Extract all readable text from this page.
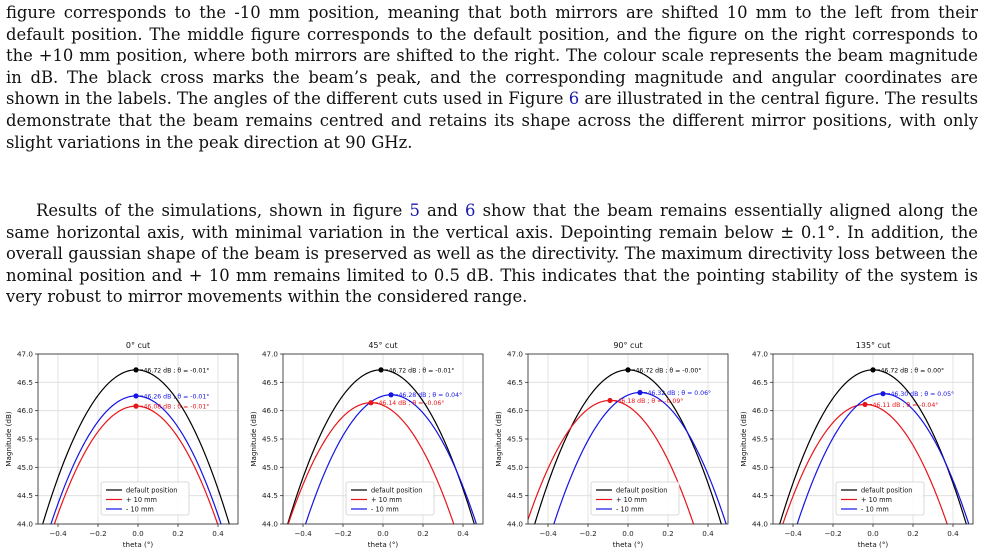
figure corresponds to the -10 mm position, meaning that both mirrors are shifted 10 mm to the left from their default position. The middle figure corresponds to the default position, and the figure on the right corresponds to the +10 mm position, where both mirrors are shifted to the right. The colour scale represents the beam magnitude in dB. The black cross marks the beam’s peak, and the corresponding magnitude and angular coordinates are shown in the labels. The angles of the different cuts used in Figure 6 are illustrated in the central figure. The results demonstrate that the beam remains centred and retains its shape across the different mirror positions, with only slight variations in the peak direction at 90 GHz.

Results of the simulations, shown in figure 5 and 6 show that the beam remains essentially aligned along the same horizontal axis, with minimal variation in the vertical axis. Depointing remain below ± 0.1°. In addition, the overall gaussian shape of the beam is preserved as well as the directivity. The maximum directivity loss between the nominal position and + 10 mm remains limited to 0.5 dB. This indicates that the pointing stability of the system is very robust to mirror movements within the considered range.

−0.4	−0.2	0.0	0.2	0.4
44.0
44.5
45.0
45.5
46.0
46.5
47.0
46.72 dB ; θ = -0.01°
46.08 dB ; θ = -0.01°
46.26 dB ; θ = -0.01°
0° cut
theta (°)
Magnitude (dB)
default position
+ 10 mm
- 10 mm
−0.4	−0.2	0.0	0.2	0.4
44.0
44.5
45.0
45.5
46.0
46.5
47.0
46.72 dB ; θ = -0.01°
46.14 dB ; θ = -0.06°
46.28 dB ; θ = 0.04°
45° cut
theta (°)
Magnitude (dB)
default position
+ 10 mm
- 10 mm
−0.4	−0.2	0.0	0.2	0.4
44.0
44.5
45.0
45.5
46.0
46.5
47.0
46.72 dB ; θ = -0.00°
46.18 dB ; θ = -0.09°
46.32 dB ; θ = 0.06°
90° cut
theta (°)
Magnitude (dB)
default position
+ 10 mm
- 10 mm
−0.4	−0.2	0.0	0.2	0.4
44.0
44.5
45.0
45.5
46.0
46.5
47.0
46.72 dB ; θ = 0.00°
46.11 dB ; θ = -0.04°
46.30 dB ; θ = 0.05°
135° cut
theta (°)
Magnitude (dB)
default position
+ 10 mm
- 10 mm
